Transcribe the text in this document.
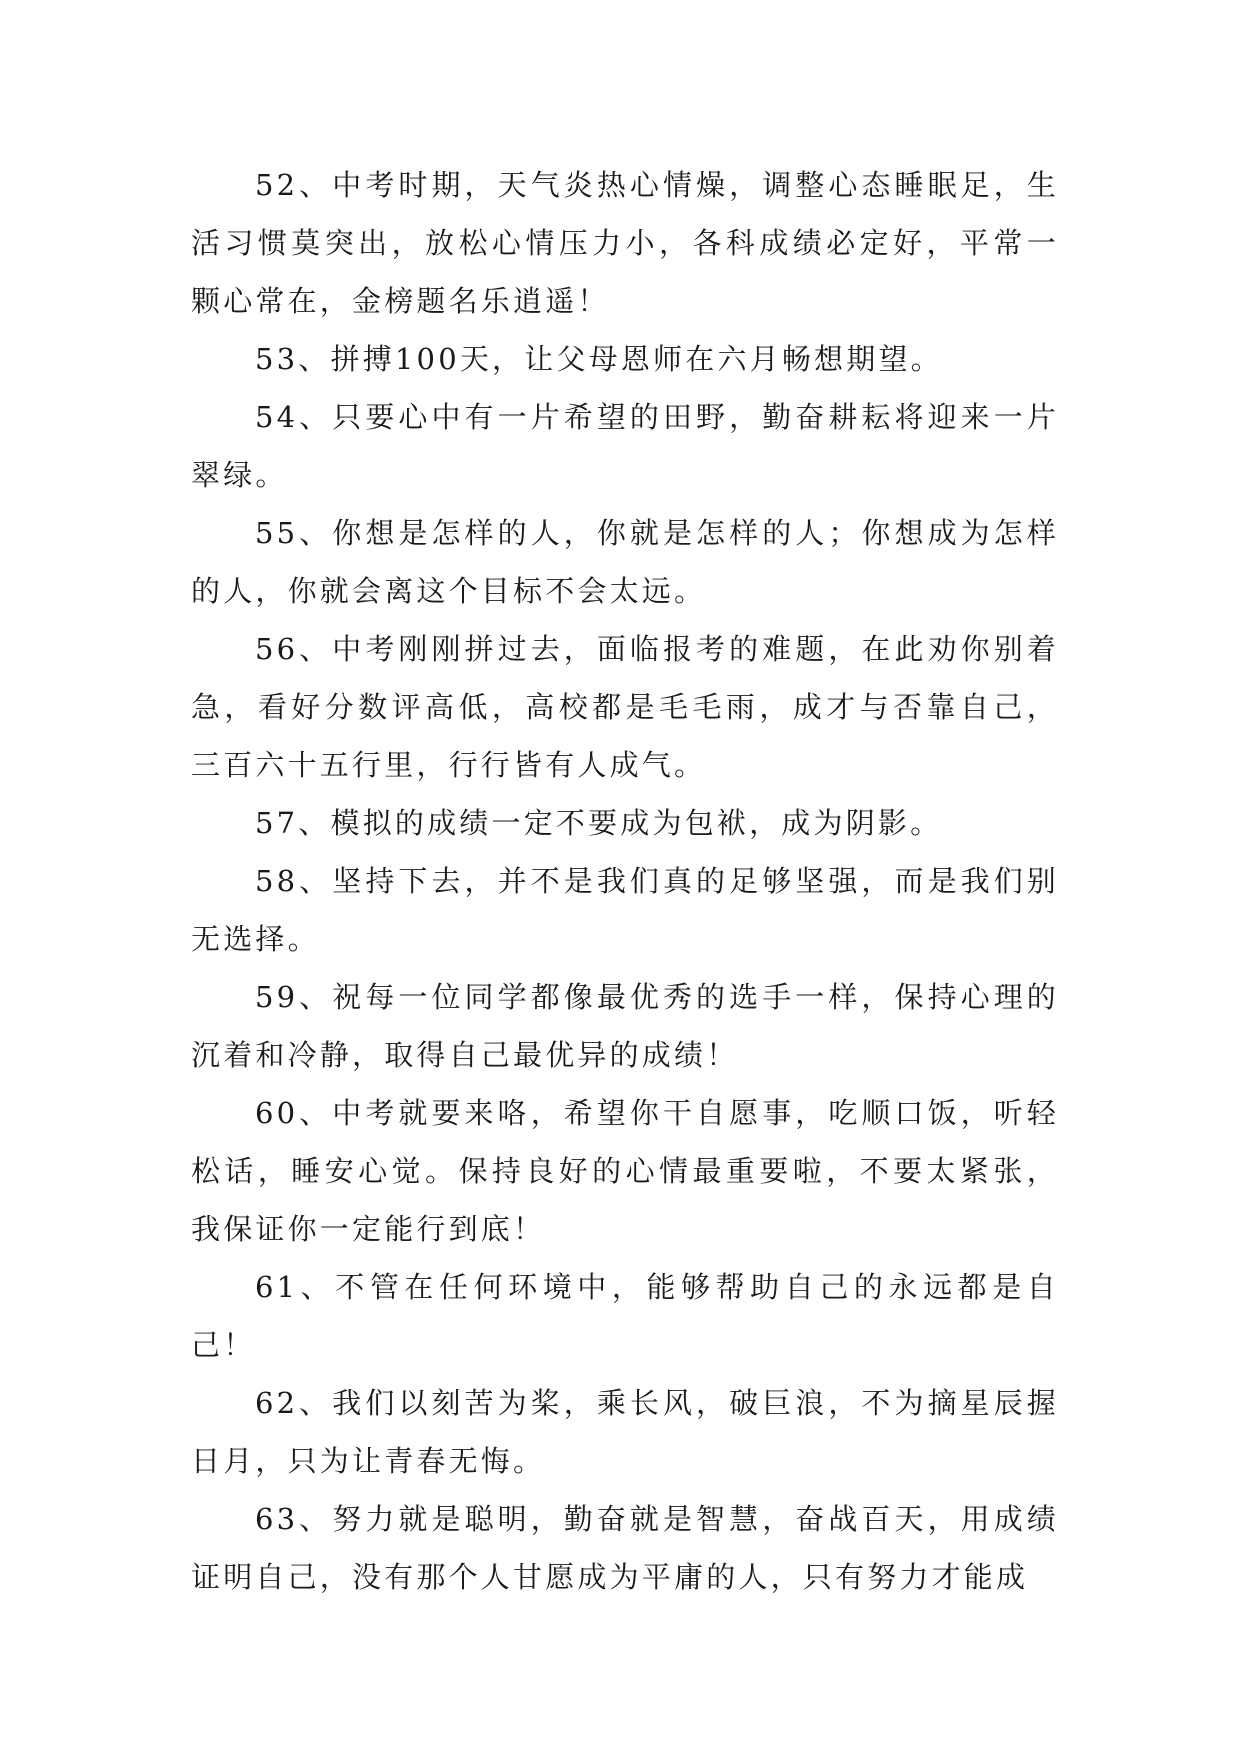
52、中考时期，天气炎热心情燥，调整心态睡眠足，生活习惯莫突出，放松心情压力小，各科成绩必定好，平常一颗心常在，金榜题名乐逍遥！

53、拼搏100天，让父母恩师在六月畅想期望。

54、只要心中有一片希望的田野，勤奋耕耘将迎来一片翠绿。

55、你想是怎样的人，你就是怎样的人；你想成为怎样的人，你就会离这个目标不会太远。

56、中考刚刚拼过去，面临报考的难题，在此劝你别着急，看好分数评高低，高校都是毛毛雨，成才与否靠自己，三百六十五行里，行行皆有人成气。

57、模拟的成绩一定不要成为包袱，成为阴影。

58、坚持下去，并不是我们真的足够坚强，而是我们别无选择。

59、祝每一位同学都像最优秀的选手一样，保持心理的沉着和冷静，取得自己最优异的成绩！

60、中考就要来咯，希望你干自愿事，吃顺口饭，听轻松话，睡安心觉。保持良好的心情最重要啦，不要太紧张，我保证你一定能行到底！

61、不管在任何环境中，能够帮助自己的永远都是自己！

62、我们以刻苦为桨，乘长风，破巨浪，不为摘星辰握日月，只为让青春无悔。

63、努力就是聪明，勤奋就是智慧，奋战百天，用成绩证明自己，没有那个人甘愿成为平庸的人，只有努力才能成
